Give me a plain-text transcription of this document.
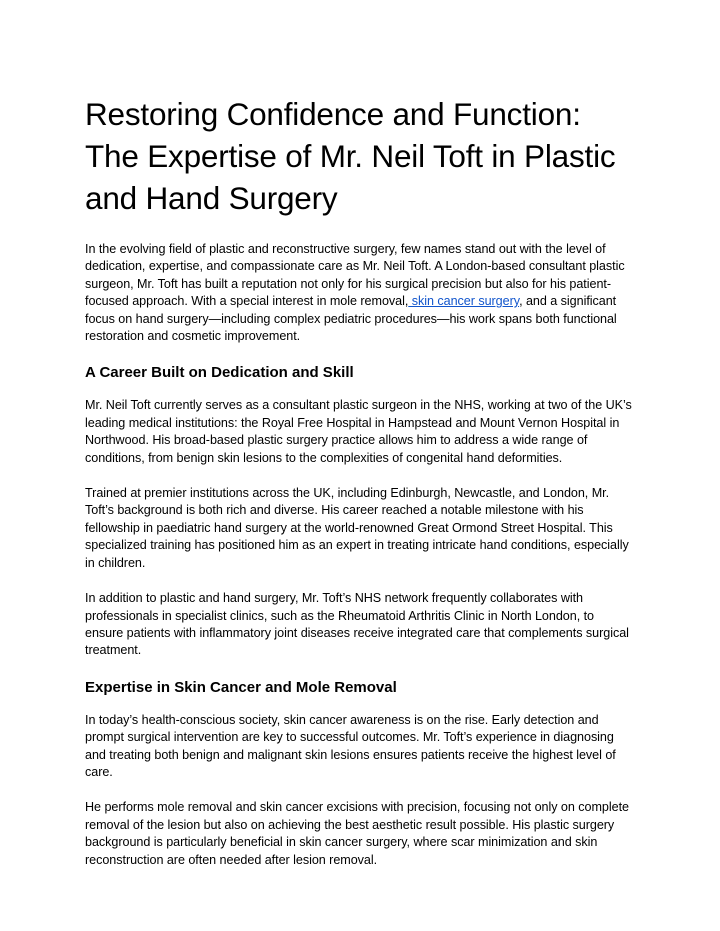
Restoring Confidence and Function: The Expertise of Mr. Neil Toft in Plastic and Hand Surgery

In the evolving field of plastic and reconstructive surgery, few names stand out with the level of dedication, expertise, and compassionate care as Mr. Neil Toft. A London-based consultant plastic surgeon, Mr. Toft has built a reputation not only for his surgical precision but also for his patient-focused approach. With a special interest in mole removal, skin cancer surgery, and a significant focus on hand surgery—including complex pediatric procedures—his work spans both functional restoration and cosmetic improvement.

A Career Built on Dedication and Skill

Mr. Neil Toft currently serves as a consultant plastic surgeon in the NHS, working at two of the UK’s leading medical institutions: the Royal Free Hospital in Hampstead and Mount Vernon Hospital in Northwood. His broad-based plastic surgery practice allows him to address a wide range of conditions, from benign skin lesions to the complexities of congenital hand deformities.

Trained at premier institutions across the UK, including Edinburgh, Newcastle, and London, Mr. Toft’s background is both rich and diverse. His career reached a notable milestone with his fellowship in paediatric hand surgery at the world-renowned Great Ormond Street Hospital. This specialized training has positioned him as an expert in treating intricate hand conditions, especially in children.

In addition to plastic and hand surgery, Mr. Toft’s NHS network frequently collaborates with professionals in specialist clinics, such as the Rheumatoid Arthritis Clinic in North London, to ensure patients with inflammatory joint diseases receive integrated care that complements surgical treatment.

Expertise in Skin Cancer and Mole Removal

In today’s health-conscious society, skin cancer awareness is on the rise. Early detection and prompt surgical intervention are key to successful outcomes. Mr. Toft’s experience in diagnosing and treating both benign and malignant skin lesions ensures patients receive the highest level of care.

He performs mole removal and skin cancer excisions with precision, focusing not only on complete removal of the lesion but also on achieving the best aesthetic result possible. His plastic surgery background is particularly beneficial in skin cancer surgery, where scar minimization and skin reconstruction are often needed after lesion removal.
